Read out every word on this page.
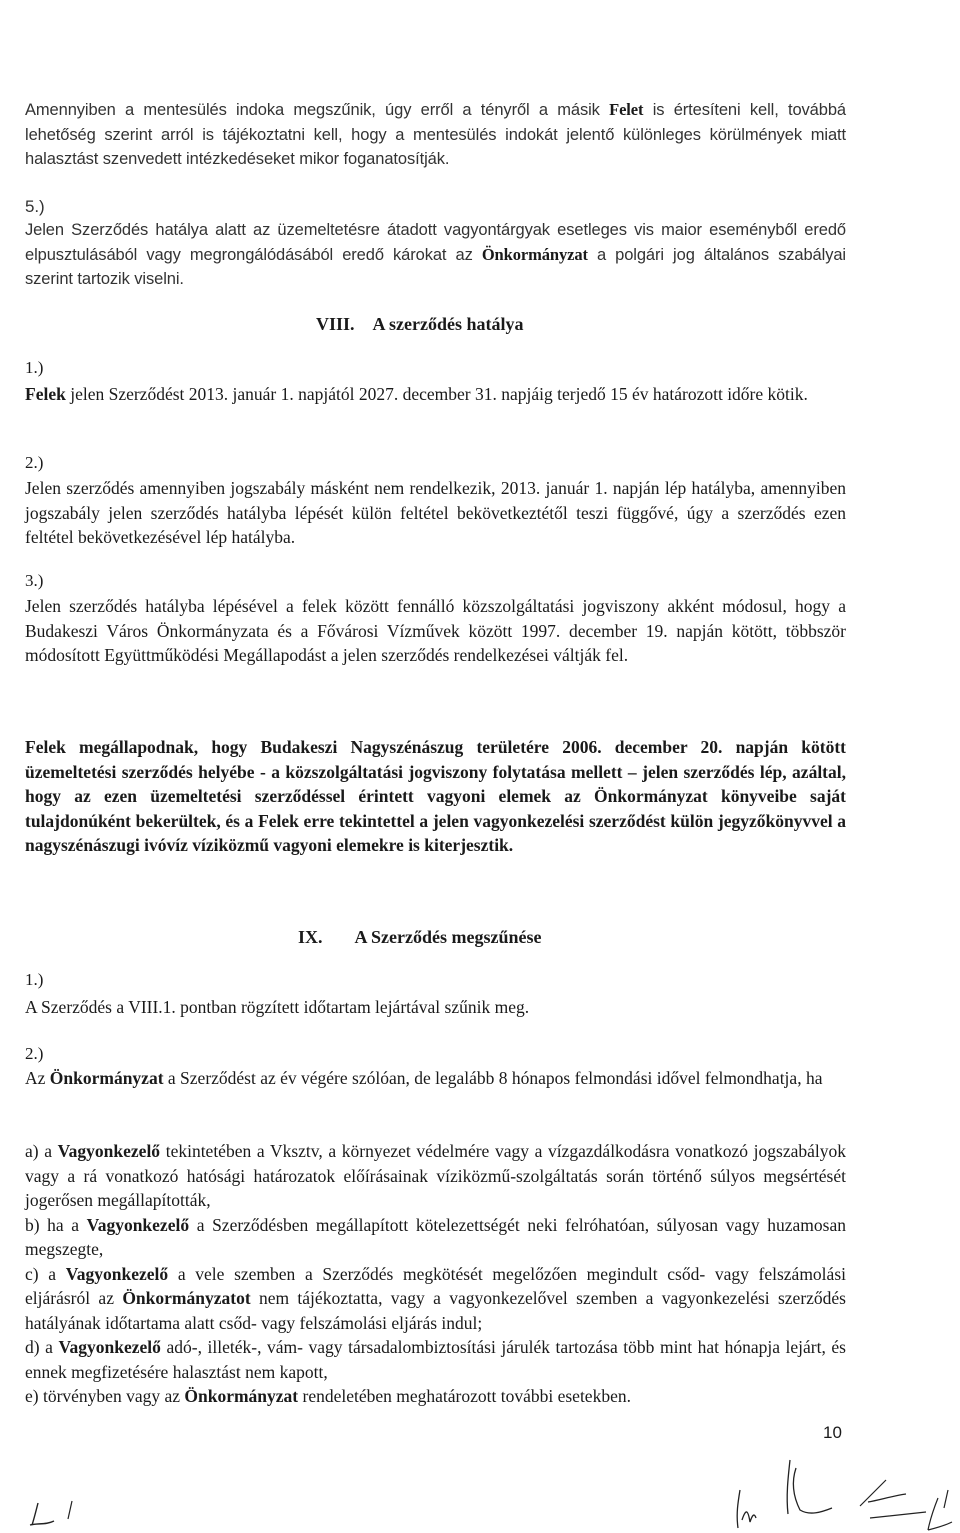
Amennyiben a mentesülés indoka megszűnik, úgy erről a tényről a másik Felet is értesíteni kell, továbbá lehetőség szerint arról is tájékoztatni kell, hogy a mentesülés indokát jelentő különleges körülmények miatt halasztást szenvedett intézkedéseket mikor foganatosítják.

5.)

Jelen Szerződés hatálya alatt az üzemeltetésre átadott vagyontárgyak esetleges vis maior eseményből eredő elpusztulásából vagy megrongálódásából eredő károkat az Önkormányzat a polgári jog általános szabályai szerint tartozik viselni.

VIII. A szerződés hatálya
1.)

Felek jelen Szerződést 2013. január 1. napjától 2027. december 31. napjáig terjedő 15 év határozott időre kötik.

2.)

Jelen szerződés amennyiben jogszabály másként nem rendelkezik, 2013. január 1. napján lép hatályba, amennyiben jogszabály jelen szerződés hatályba lépését külön feltétel bekövetkeztétől teszi függővé, úgy a szerződés ezen feltétel bekövetkezésével lép hatályba.

3.)

Jelen szerződés hatályba lépésével a felek között fennálló közszolgáltatási jogviszony akként módosul, hogy a Budakeszi Város Önkormányzata és a Fővárosi Vízművek között 1997. december 19. napján kötött, többször módosított Együttműködési Megállapodást a jelen szerződés rendelkezései váltják fel.

Felek megállapodnak, hogy Budakeszi Nagyszénászug területére 2006. december 20. napján kötött üzemeltetési szerződés helyébe - a közszolgáltatási jogviszony folytatása mellett – jelen szerződés lép, azáltal, hogy az ezen üzemeltetési szerződéssel érintett vagyoni elemek az Önkormányzat könyveibe saját tulajdonúként bekerültek, és a Felek erre tekintettel a jelen vagyonkezelési szerződést külön jegyzőkönyvvel a nagyszénászugi ivóvíz víziközmű vagyoni elemekre is kiterjesztik.

IX. A Szerződés megszűnése
1.)

A Szerződés a VIII.1. pontban rögzített időtartam lejártával szűnik meg.

2.)

Az Önkormányzat a Szerződést az év végére szólóan, de legalább 8 hónapos felmondási idővel felmondhatja, ha

a) a Vagyonkezelő tekintetében a Vksztv, a környezet védelmére vagy a vízgazdálkodásra vonatkozó jogszabályok vagy a rá vonatkozó hatósági határozatok előírásainak víziközmű-szolgáltatás során történő súlyos megsértését jogerősen megállapították,
b) ha a Vagyonkezelő a Szerződésben megállapított kötelezettségét neki felróhatóan, súlyosan vagy huzamosan megszegte,
c) a Vagyonkezelő a vele szemben a Szerződés megkötését megelőzően megindult csőd- vagy felszámolási eljárásról az Önkormányzatot nem tájékoztatta, vagy a vagyonkezelővel szemben a vagyonkezelési szerződés hatályának időtartama alatt csőd- vagy felszámolási eljárás indul;
d) a Vagyonkezelő adó-, illeték-, vám- vagy társadalombiztosítási járulék tartozása több mint hat hónapja lejárt, és ennek megfizetésére halasztást nem kapott,
e) törvényben vagy az Önkormányzat rendeletében meghatározott további esetekben.
10
